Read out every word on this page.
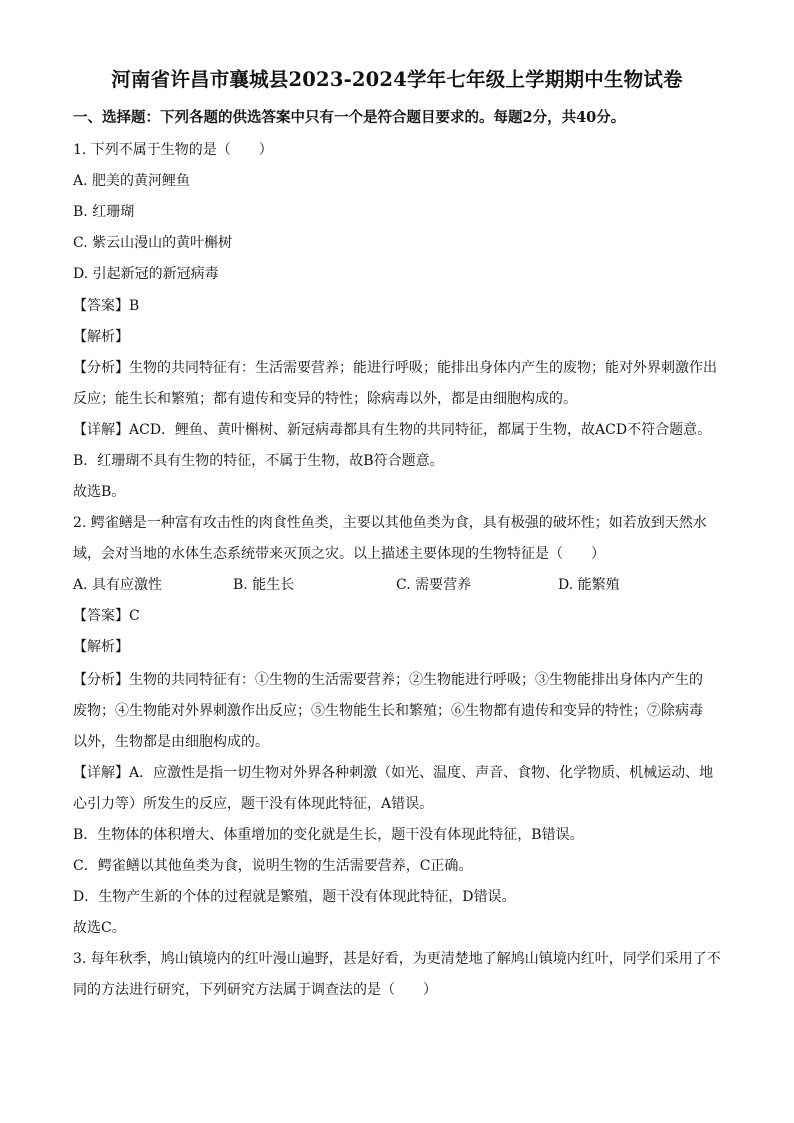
河南省许昌市襄城县2023-2024学年七年级上学期期中生物试卷
一、选择题：下列各题的供选答案中只有一个是符合题目要求的。每题2分，共40分。
1. 下列不属于生物的是（　　）
A. 肥美的黄河鲤鱼
B. 红珊瑚
C. 紫云山漫山的黄叶槲树
D. 引起新冠的新冠病毒
【答案】B
【解析】
【分析】生物的共同特征有：生活需要营养；能进行呼吸；能排出身体内产生的废物；能对外界刺激作出
反应；能生长和繁殖；都有遗传和变异的特性；除病毒以外，都是由细胞构成的。
【详解】ACD．鲤鱼、黄叶槲树、新冠病毒都具有生物的共同特征，都属于生物，故ACD不符合题意。
B．红珊瑚不具有生物的特征，不属于生物，故B符合题意。
故选B。
2. 鳄雀鳝是一种富有攻击性的肉食性鱼类，主要以其他鱼类为食，具有极强的破坏性；如若放到天然水
域，会对当地的水体生态系统带来灭顶之灾。以上描述主要体现的生物特征是（　　）
A. 具有应激性	B. 能生长	C. 需要营养	D. 能繁殖
【答案】C
【解析】
【分析】生物的共同特征有：①生物的生活需要营养；②生物能进行呼吸；③生物能排出身体内产生的
废物；④生物能对外界刺激作出反应；⑤生物能生长和繁殖；⑥生物都有遗传和变异的特性；⑦除病毒
以外，生物都是由细胞构成的。
【详解】A．应激性是指一切生物对外界各种刺激（如光、温度、声音、食物、化学物质、机械运动、地
心引力等）所发生的反应，题干没有体现此特征，A错误。
B．生物体的体积增大、体重增加的变化就是生长，题干没有体现此特征，B错误。
C．鳄雀鳝以其他鱼类为食，说明生物的生活需要营养，C正确。
D．生物产生新的个体的过程就是繁殖，题干没有体现此特征，D错误。
故选C。
3. 每年秋季，鸠山镇境内的红叶漫山遍野，甚是好看，为更清楚地了解鸠山镇境内红叶，同学们采用了不
同的方法进行研究，下列研究方法属于调查法的是（　　）
